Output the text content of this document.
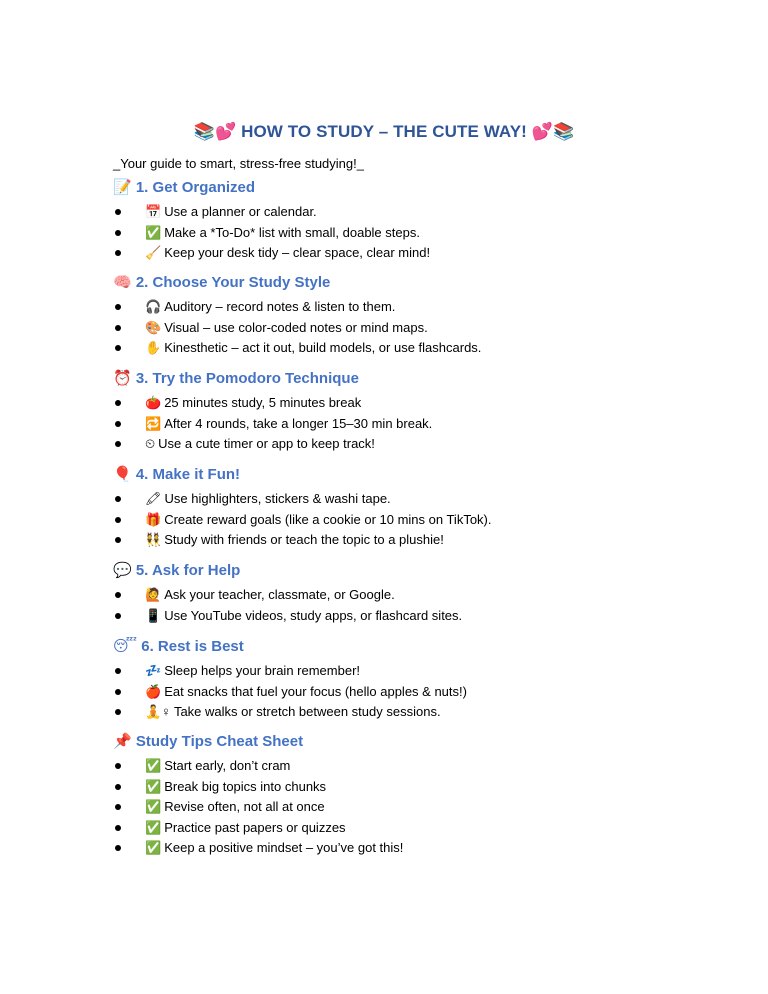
📚💕 HOW TO STUDY – THE CUTE WAY! 💕📚
_Your guide to smart, stress-free studying!_
📝 1. Get Organized
📅 Use a planner or calendar.
✅ Make a *To-Do* list with small, doable steps.
🧹 Keep your desk tidy – clear space, clear mind!
🧠 2. Choose Your Study Style
🎧 Auditory – record notes & listen to them.
🎨 Visual – use color-coded notes or mind maps.
✋ Kinesthetic – act it out, build models, or use flashcards.
⏰ 3. Try the Pomodoro Technique
🍅 25 minutes study, 5 minutes break
🔁 After 4 rounds, take a longer 15–30 min break.
⏲ Use a cute timer or app to keep track!
🎈 4. Make it Fun!
🖍 Use highlighters, stickers & washi tape.
🎁 Create reward goals (like a cookie or 10 mins on TikTok).
👯 Study with friends or teach the topic to a plushie!
💬 5. Ask for Help
🙋 Ask your teacher, classmate, or Google.
📱 Use YouTube videos, study apps, or flashcard sites.
😴 6. Rest is Best
💤 Sleep helps your brain remember!
🍎 Eat snacks that fuel your focus (hello apples & nuts!)
🧘♀ Take walks or stretch between study sessions.
📌 Study Tips Cheat Sheet
✅ Start early, don’t cram
✅ Break big topics into chunks
✅ Revise often, not all at once
✅ Practice past papers or quizzes
✅ Keep a positive mindset – you’ve got this!
